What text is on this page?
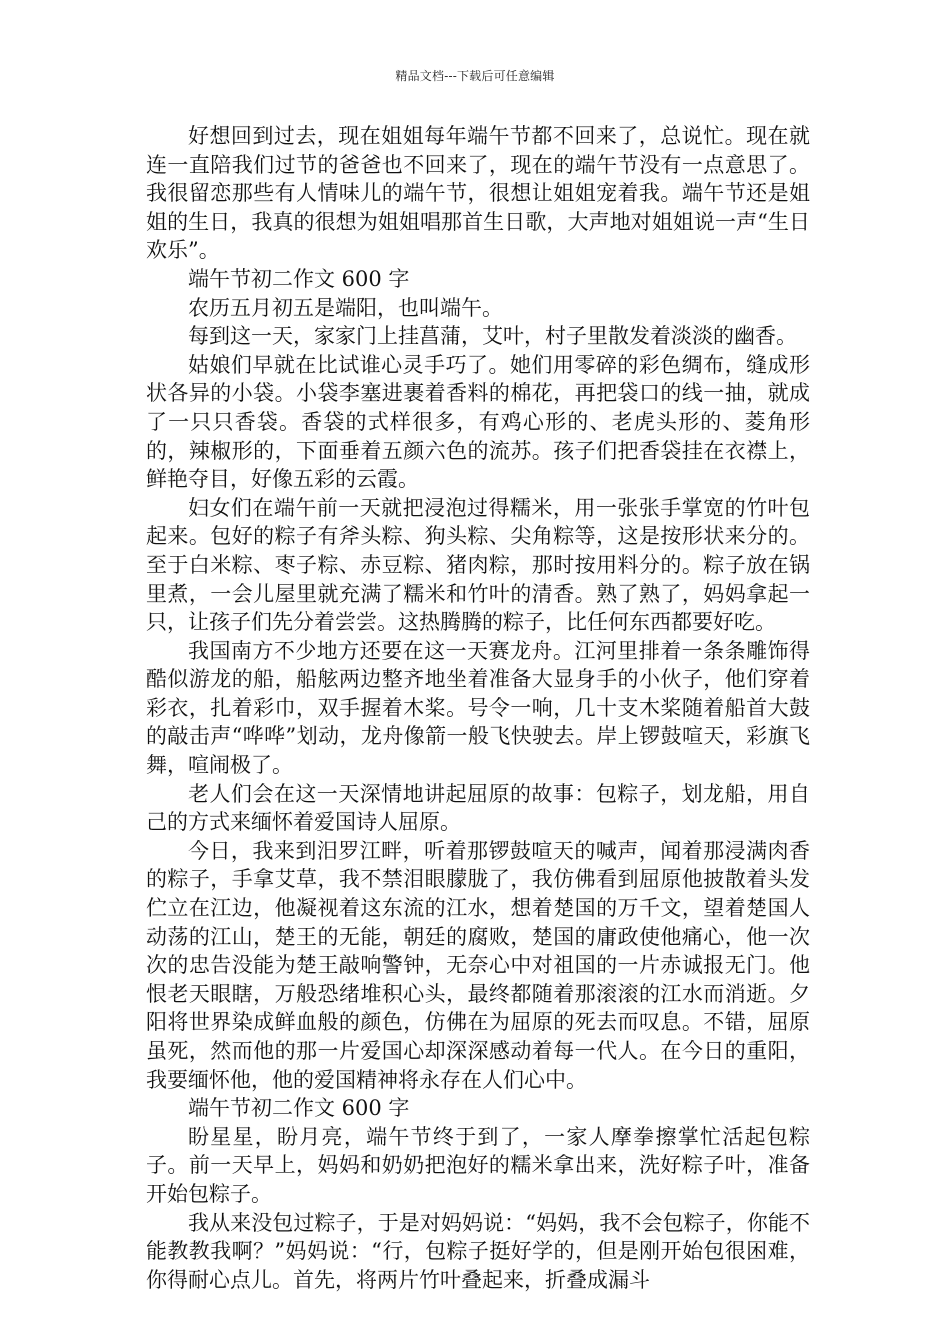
精品文档---下载后可任意编辑

好想回到过去，现在姐姐每年端午节都不回来了，总说忙。现在就连一直陪我们过节的爸爸也不回来了，现在的端午节没有一点意思了。我很留恋那些有人情味儿的端午节，很想让姐姐宠着我。端午节还是姐姐的生日，我真的很想为姐姐唱那首生日歌，大声地对姐姐说一声“生日欢乐”。

端午节初二作文 600 字

农历五月初五是端阳，也叫端午。

每到这一天，家家门上挂菖蒲，艾叶，村子里散发着淡淡的幽香。

姑娘们早就在比试谁心灵手巧了。她们用零碎的彩色绸布，缝成形状各异的小袋。小袋李塞进裹着香料的棉花，再把袋口的线一抽，就成了一只只香袋。香袋的式样很多，有鸡心形的、老虎头形的、菱角形的，辣椒形的，下面垂着五颜六色的流苏。孩子们把香袋挂在衣襟上，鲜艳夺目，好像五彩的云霞。

妇女们在端午前一天就把浸泡过得糯米，用一张张手掌宽的竹叶包起来。包好的粽子有斧头粽、狗头粽、尖角粽等，这是按形状来分的。至于白米粽、枣子粽、赤豆粽、猪肉粽，那时按用料分的。粽子放在锅里煮，一会儿屋里就充满了糯米和竹叶的清香。熟了熟了，妈妈拿起一只，让孩子们先分着尝尝。这热腾腾的粽子，比任何东西都要好吃。

我国南方不少地方还要在这一天赛龙舟。江河里排着一条条雕饰得酷似游龙的船，船舷两边整齐地坐着准备大显身手的小伙子，他们穿着彩衣，扎着彩巾，双手握着木桨。号令一响，几十支木桨随着船首大鼓的敲击声“哗哗”划动，龙舟像箭一般飞快驶去。岸上锣鼓喧天，彩旗飞舞，喧闹极了。

老人们会在这一天深情地讲起屈原的故事：包粽子，划龙船，用自己的方式来缅怀着爱国诗人屈原。

今日，我来到汨罗江畔，听着那锣鼓喧天的喊声，闻着那浸满肉香的粽子，手拿艾草，我不禁泪眼朦胧了，我仿佛看到屈原他披散着头发伫立在江边，他凝视着这东流的江水，想着楚国的万千文，望着楚国人动荡的江山，楚王的无能，朝廷的腐败，楚国的庸政使他痛心，他一次次的忠告没能为楚王敲响警钟，无奈心中对祖国的一片赤诚报无门。他恨老天眼瞎，万般恐绪堆积心头，最终都随着那滚滚的江水而消逝。夕阳将世界染成鲜血般的颜色，仿佛在为屈原的死去而叹息。不错，屈原虽死，然而他的那一片爱国心却深深感动着每一代人。在今日的重阳，我要缅怀他，他的爱国精神将永存在人们心中。

端午节初二作文 600 字

盼星星，盼月亮，端午节终于到了，一家人摩拳擦掌忙活起包粽子。前一天早上，妈妈和奶奶把泡好的糯米拿出来，洗好粽子叶，准备开始包粽子。

我从来没包过粽子，于是对妈妈说：“妈妈，我不会包粽子，你能不能教教我啊？”妈妈说：“行，包粽子挺好学的，但是刚开始包很困难，你得耐心点儿。首先，将两片竹叶叠起来，折叠成漏斗
